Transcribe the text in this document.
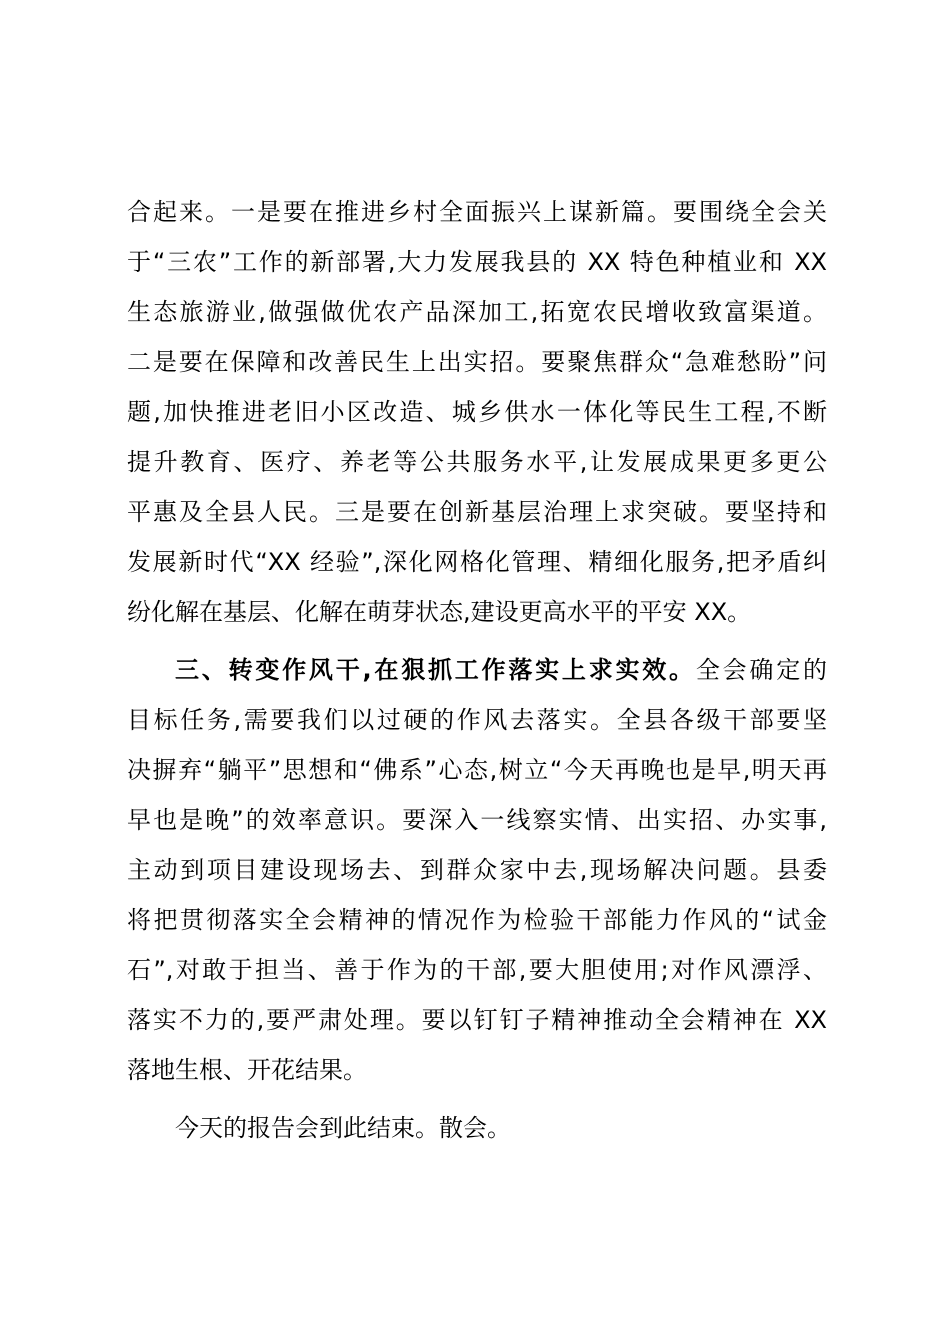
合起来。一是要在推进乡村全面振兴上谋新篇。要围绕全会关
于“三农”工作的新部署,大力发展我县的 XX 特色种植业和 XX
生态旅游业,做强做优农产品深加工,拓宽农民增收致富渠道。
二是要在保障和改善民生上出实招。要聚焦群众“急难愁盼”问
题,加快推进老旧小区改造、城乡供水一体化等民生工程,不断
提升教育、医疗、养老等公共服务水平,让发展成果更多更公
平惠及全县人民。三是要在创新基层治理上求突破。要坚持和
发展新时代“XX 经验”,深化网格化管理、精细化服务,把矛盾纠
纷化解在基层、化解在萌芽状态,建设更高水平的平安 XX。
三、转变作风干,在狠抓工作落实上求实效。全会确定的
目标任务,需要我们以过硬的作风去落实。全县各级干部要坚
决摒弃“躺平”思想和“佛系”心态,树立“今天再晚也是早,明天再
早也是晚”的效率意识。要深入一线察实情、出实招、办实事,
主动到项目建设现场去、到群众家中去,现场解决问题。县委
将把贯彻落实全会精神的情况作为检验干部能力作风的“试金
石”,对敢于担当、善于作为的干部,要大胆使用;对作风漂浮、
落实不力的,要严肃处理。要以钉钉子精神推动全会精神在 XX
落地生根、开花结果。
今天的报告会到此结束。散会。
